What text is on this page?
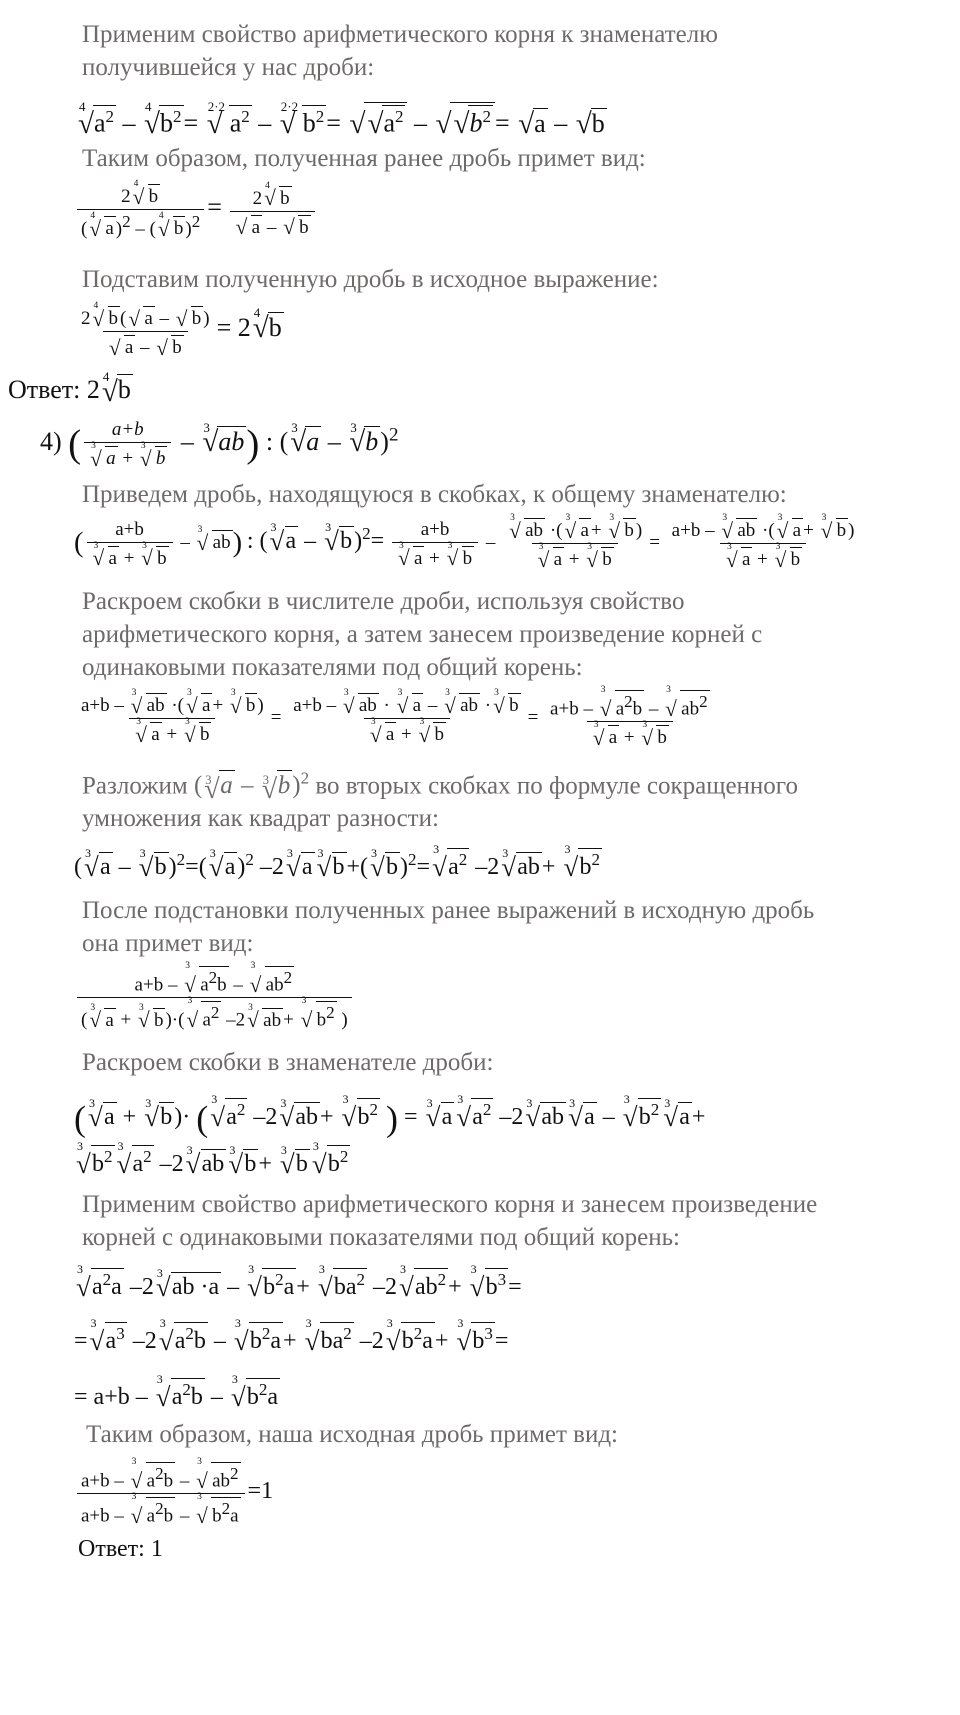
Применим свойство арифметического корня к знаменателю получившейся у нас дроби:
√ 4
$a^2$ –
√ 4
$b^2=$
√ 2·2
$a^2$ –
√ 2·2
$b^2=$ √ √ $a^2$ – √ √ $b^2$ = √ a – √ b
Таким образом, полученная ранее дробь примет вид:
2
√ 4
b
(
√ 4
a )$^2$ – (
√ 4
b )$^2$ = 2
√ 4
b
√ a – √ b
Подставим полученную дробь в исходное выражение:
2
√ 4
b ( √ a – √ b )
√ a – √ b = 2 √ 4 b
Ответ: 2 √ 4 b
4) ( a+b
√ 3
a +
√ 3
b – √ 3 ab) : ( √ 3 a – √ 3 b)$^2$
Приведем дробь, находящуюся в скобках, к общему знаменателю:
( a+b
√ 3
a +
√ 3
b –
√ 3
ab) : (
√ 3
a –
√ 3
b)$^2$= a+b
√ 3
a +
√ 3
b – √ 3
ab ·(
√ 3
a +
√ 3
b )
√ 3
a +
√ 3
b = a+b –
√ 3
ab ·(
√ 3
a +
√ 3
b )
√ 3
a +
√ 3
b
Раскроем скобки в числителе дроби, используя свойство арифметического корня, а затем занесем произведение корней с одинаковыми показателями под общий корень:
a+b –
√ 3
ab ·(
√ 3
a +
√ 3
b )
√ 3
a +
√ 3
b = a+b –
√ 3
ab ·
√ 3
a –
√ 3
ab ·
√ 3
b
√ 3
a +
√ 3
b = a+b –
√ 3
$a^2b$ –
√ 3
$ab^2$
√ 3
a +
√ 3
b
Разложим ( √ 3 a – √ 3 b)$^2$ во вторых скобках по формуле сокращенного умножения как квадрат разности:
(
√ 3
a –
√ 3
b)$^2$=(
√ 3
a)$^2$ –2
√ 3
a
√ 3
b+(
√ 3
b)$^2$=
√ 3
$a^2$ –2
√ 3
ab+
√ 3
$b^2$
После подстановки полученных ранее выражений в исходную дробь она примет вид:
a+b –
√ 3
$a^2b$ –
√ 3
$ab^2$
(
√ 3
a +
√ 3
b )·(
√ 3
$a^2$ –2
√ 3
ab +
√ 3
$b^2$ )
Раскроем скобки в знаменателе дроби:
( √ 3
a +
√ 3
b)· ( √ 3
$a^2$ –2
√ 3
ab+
√ 3
$b^2$ ) =
√ 3
a
√ 3
$a^2$ –2
√ 3
ab
√ 3
a –
√ 3
$b^2$ √ 3
a+
√ 3
$b^2$
√ 3
$a^2$ –2
√ 3
ab
√ 3
b+
√ 3
b
√ 3
$b^2$
Применим свойство арифметического корня и занесем произведение корней с одинаковыми показателями под общий корень:
√ 3
$a^2a$ –2
√ 3
ab ·a –
√ 3
$b^2a+$
√ 3
$ba^2$ –2
√ 3
$ab^2+$
√ 3
$b^3=$
=
√ 3
$a^3$ –2
√ 3
$a^2b$ –
√ 3
$b^2a+$
√ 3
$ba^2$ –2
√ 3
$b^2a+$
√ 3
$b^3=$
= a+b –
√ 3
$a^2b$ –
√ 3
$b^2a$
Таким образом, наша исходная дробь примет вид:
a+b –
√ 3
$a^2b$ –
√ 3
$ab^2$
a+b –
√ 3
$a^2b$ –
√ 3
$b^2a =1$
Ответ: 1
